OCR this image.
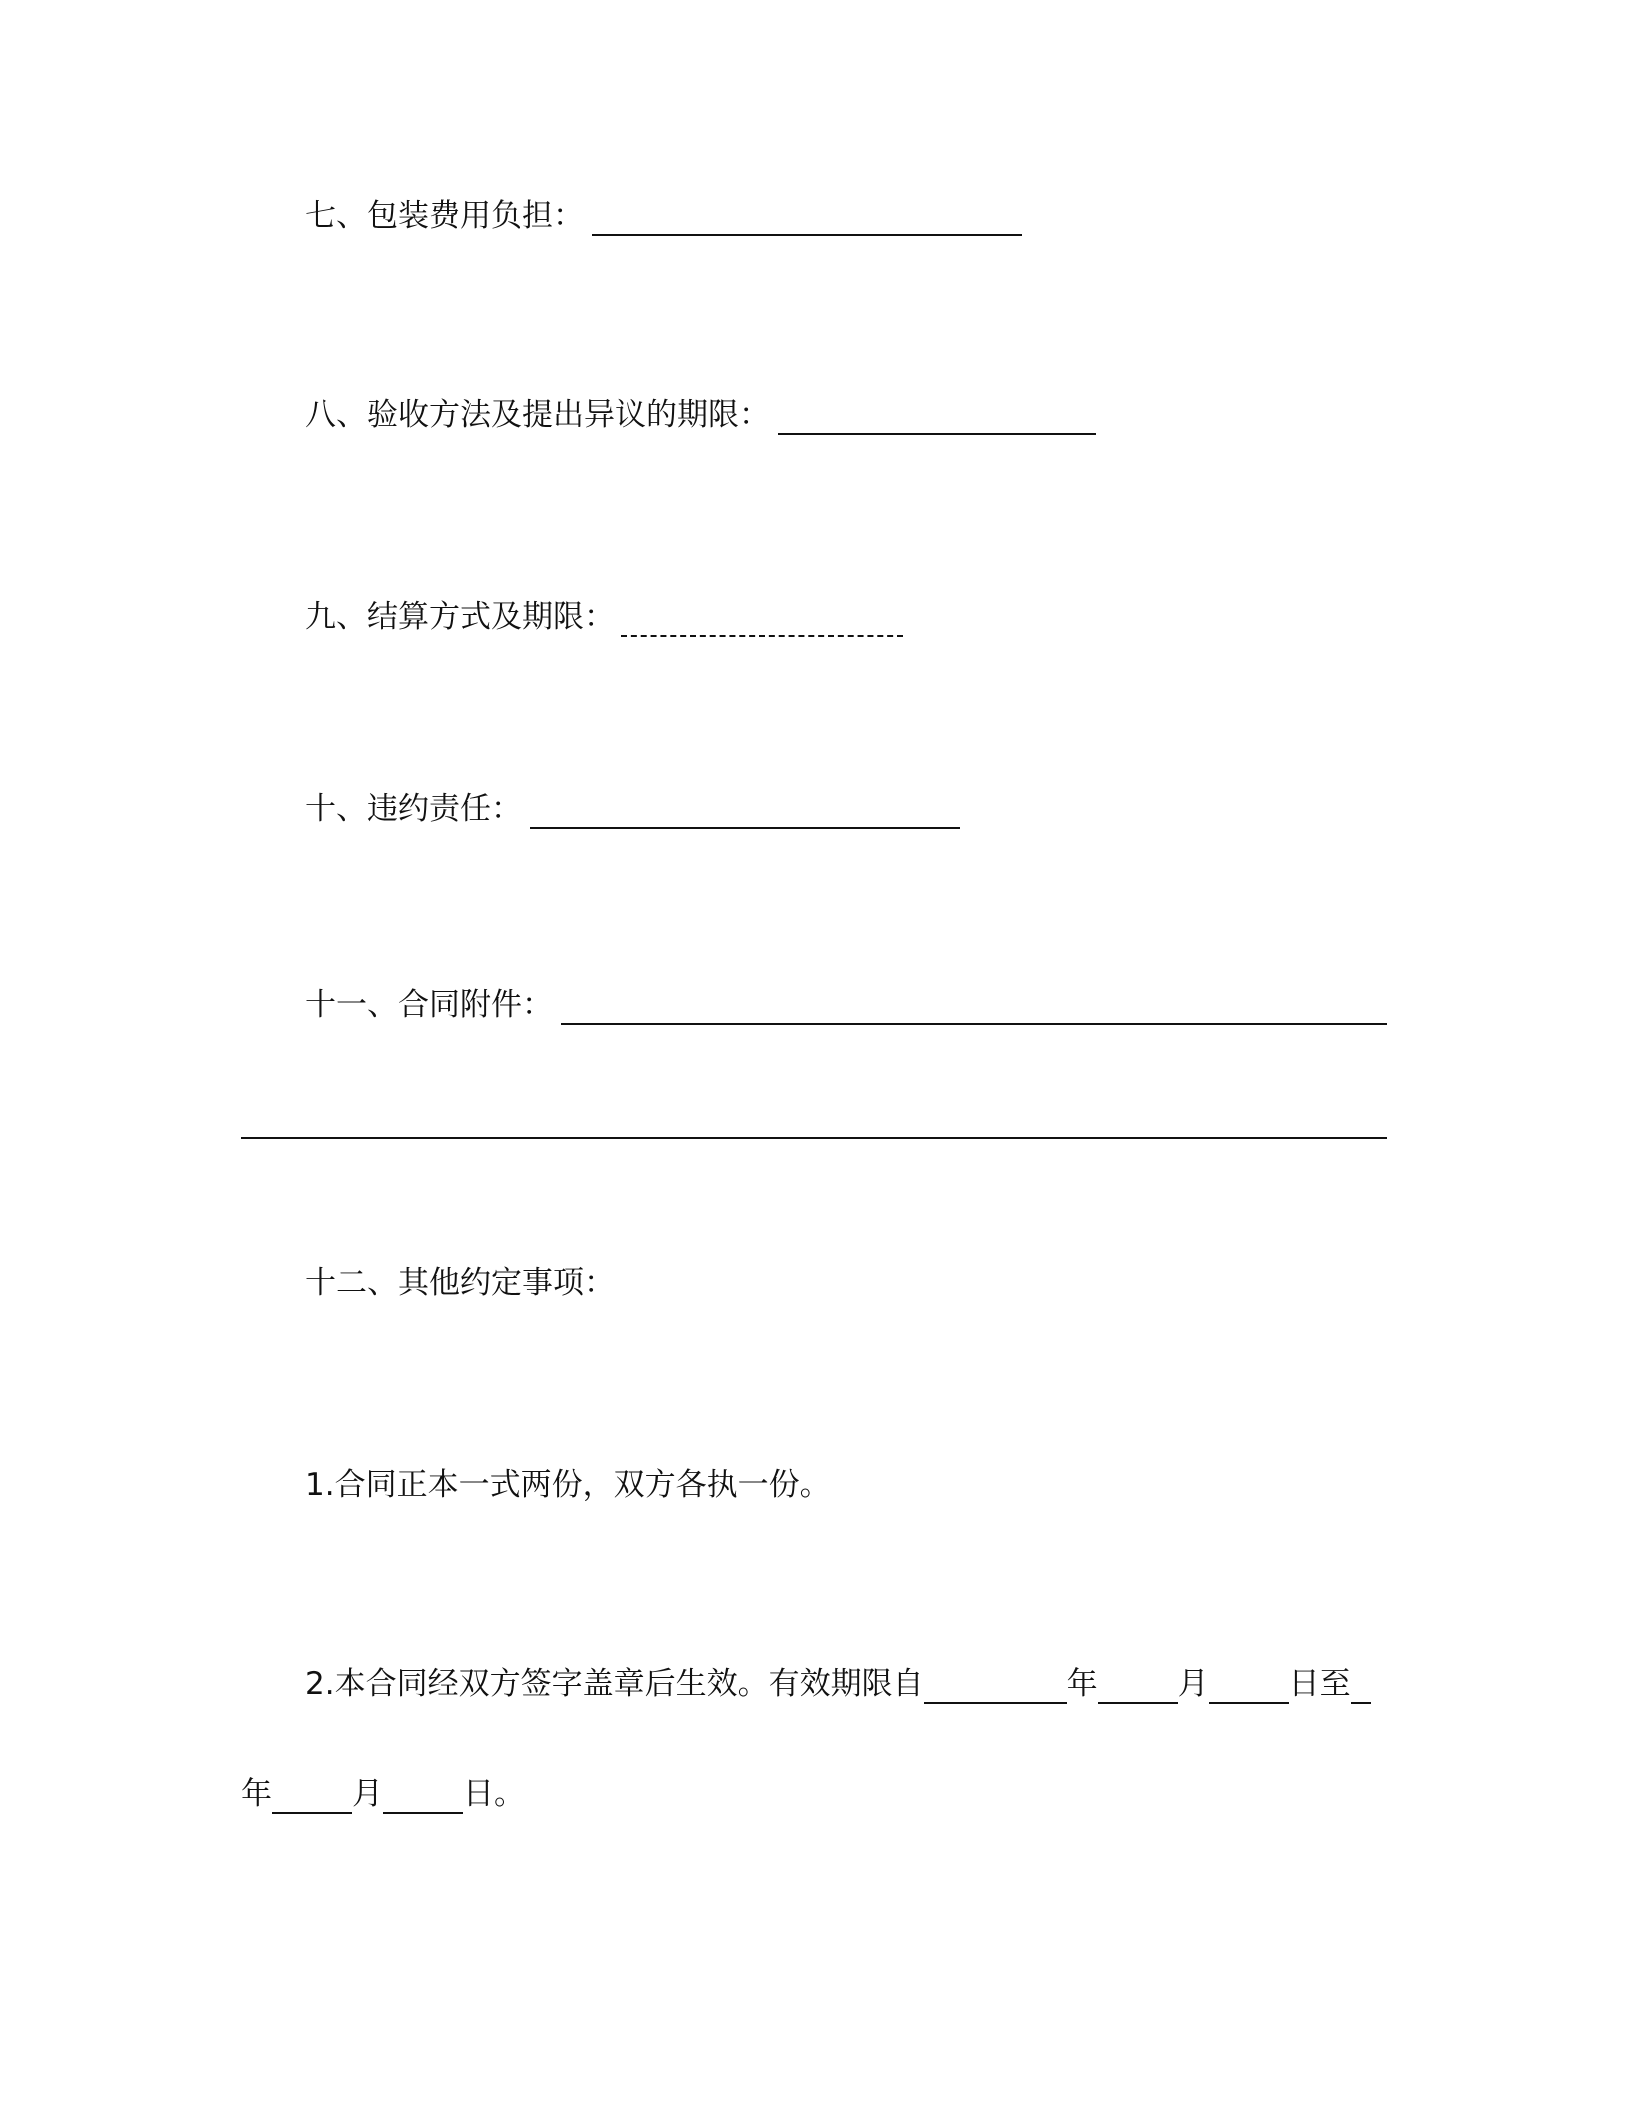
七、包装费用负担：
八、验收方法及提出异议的期限：
九、结算方式及期限：
十、违约责任：
十一、合同附件：
十二、其他约定事项：
1.合同正本一式两份，双方各执一份。
2.本合同经双方签字盖章后生效。有效期限自	年	月	日至
年	月	日。
